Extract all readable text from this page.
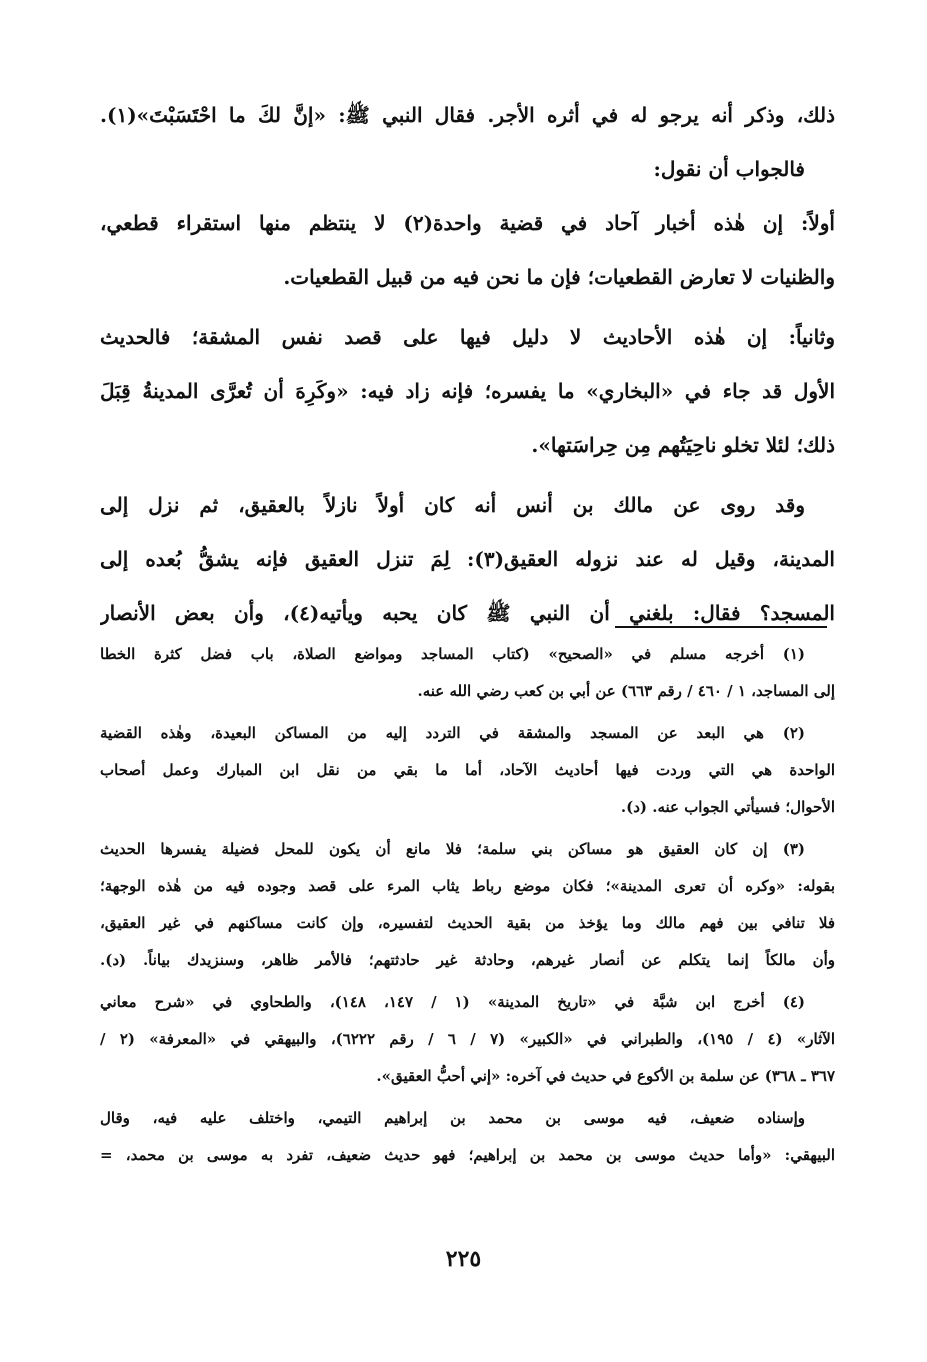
ذلك، وذكر أنه يرجو له في أثره الأجر. فقال النبي ﷺ: «إنَّ لكَ ما احْتَسَبْتَ»(١).
فالجواب أن نقول:
أولاً: إن هٰذه أخبار آحاد في قضية واحدة(٢) لا ينتظم منها استقراء قطعي،
والظنيات لا تعارض القطعيات؛ فإن ما نحن فيه من قبيل القطعيات.
وثانياً: إن هٰذه الأحاديث لا دليل فيها على قصد نفس المشقة؛ فالحديث
الأول قد جاء في «البخاري» ما يفسره؛ فإنه زاد فيه: «وكَرِهَ أن تُعرَّى المدينةُ قِبَلَ
ذلك؛ لئلا تخلو ناحِيَتُهم مِن حِراسَتها».
وقد روى عن مالك بن أنس أنه كان أولاً نازلاً بالعقيق، ثم نزل إلى
المدينة، وقيل له عند نزوله العقيق(٣): لِمَ تنزل العقيق فإنه يشقُّ بُعده إلى
المسجد؟ فقال: بلغني أن النبي ﷺ كان يحبه ويأتيه(٤)، وأن بعض الأنصار
(١) أخرجه مسلم في «الصحيح» (كتاب المساجد ومواضع الصلاة، باب فضل كثرة الخطا
إلى المساجد، ١ / ٤٦٠ / رقم ٦٦٣) عن أبي بن كعب رضي الله عنه.
(٢) هي البعد عن المسجد والمشقة في التردد إليه من المساكن البعيدة، وهٰذه القضية
الواحدة هي التي وردت فيها أحاديث الآحاد، أما ما بقي من نقل ابن المبارك وعمل أصحاب
الأحوال؛ فسيأتي الجواب عنه. (د).
(٣) إن كان العقيق هو مساكن بني سلمة؛ فلا مانع أن يكون للمحل فضيلة يفسرها الحديث
بقوله: «وكره أن تعرى المدينة»؛ فكان موضع رباط يثاب المرء على قصد وجوده فيه من هٰذه الوجهة؛
فلا تنافي بين فهم مالك وما يؤخذ من بقية الحديث لتفسيره، وإن كانت مساكنهم في غير العقيق،
وأن مالكاً إنما يتكلم عن أنصار غيرهم، وحادثة غير حادثتهم؛ فالأمر ظاهر، وسنزيدك بياناً. (د).
(٤) أخرج ابن شبَّة في «تاريخ المدينة» (١ / ١٤٧، ١٤٨)، والطحاوي في «شرح معاني
الآثار» (٤ / ١٩٥)، والطبراني في «الكبير» (٧ / ٦ / رقم ٦٢٢٢)، والبيهقي في «المعرفة» (٢ /
٣٦٧ ـ ٣٦٨) عن سلمة بن الأكوع في حديث في آخره: «إني أحبُّ العقيق».
وإسناده ضعيف، فيه موسى بن محمد بن إبراهيم التيمي، واختلف عليه فيه، وقال
البيهقي: «وأما حديث موسى بن محمد بن إبراهيم؛ فهو حديث ضعيف، تفرد به موسى بن محمد، =
٢٢٥
